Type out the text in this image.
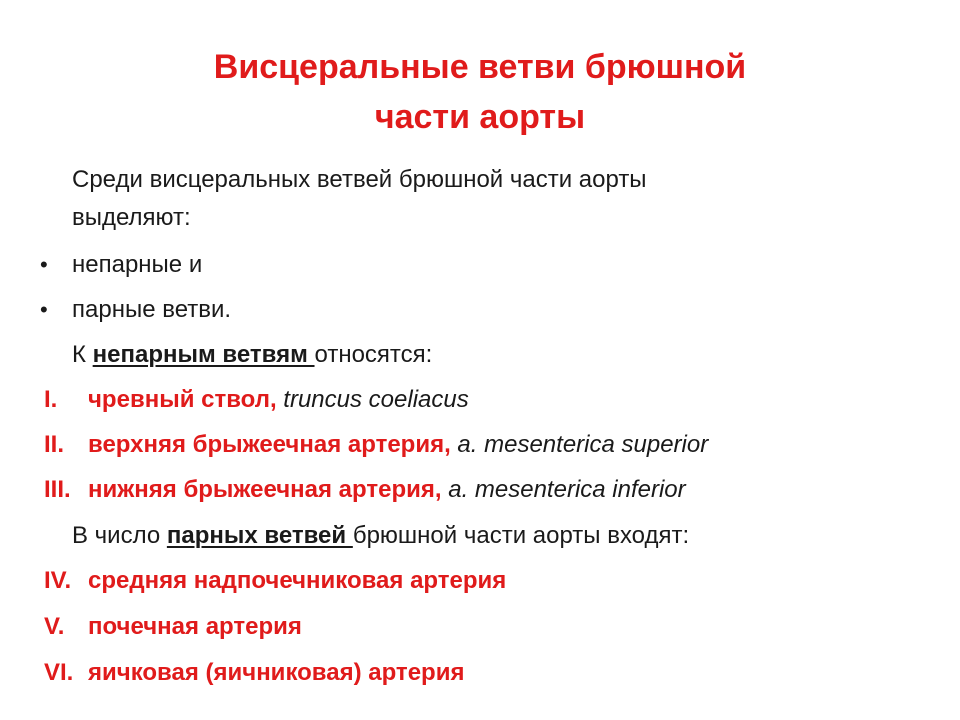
Висцеральные ветви брюшной
части аорты
Среди висцеральных ветвей брюшной части аорты
выделяют:
• непарные и
• парные ветви.
К непарным ветвям относятся:
I. чревный ствол, truncus coeliacus
II. верхняя брыжеечная артерия, a. mesenterica superior
III. нижняя брыжеечная артерия, a. mesenterica inferior
В число парных ветвей брюшной части аорты входят:
IV. средняя надпочечниковая артерия
V. почечная артерия
VI. яичковая (яичниковая) артерия
